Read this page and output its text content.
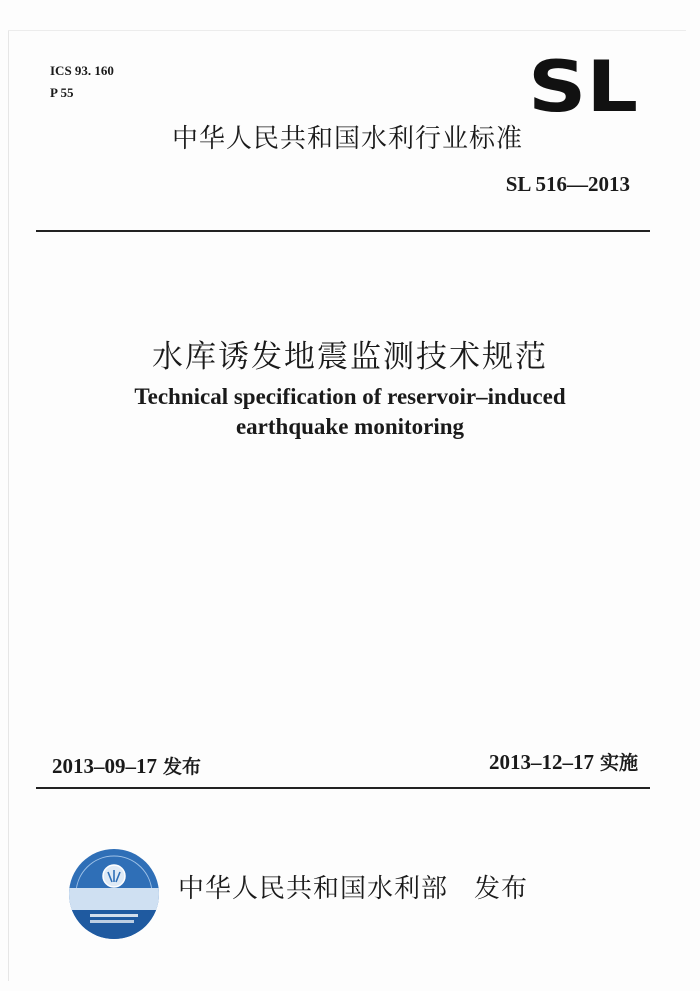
ICS 93. 160
P 55	SL
中华人民共和国水利行业标准
SL 516—2013
水库诱发地震监测技术规范
Technical specification of reservoir–induced
earthquake monitoring
2013–09–17 发布	2013–12–17 实施
中华人民共和国水利部 发布
